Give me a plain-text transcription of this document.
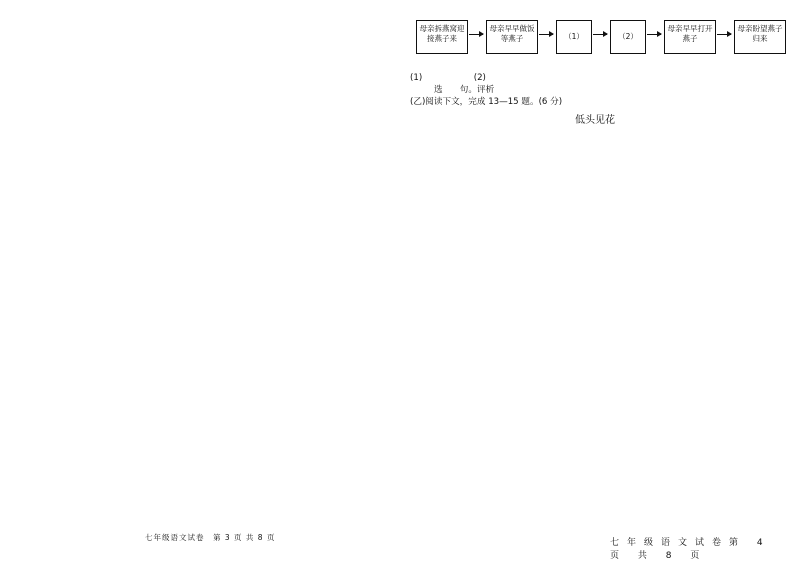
七年级语文试卷　第 3 页 共 8 页

母亲拆燕窝迎接燕子来
母亲早早做饭等燕子	（1）	（2）
母亲早早打开燕子
母亲盼望燕子归来

(1)　　　　　　(2)

选　　句。评析

(乙)阅读下文，完成 13—15 题。(6 分)

低头见花

七年级语文试卷第 4 页 共 8 页
